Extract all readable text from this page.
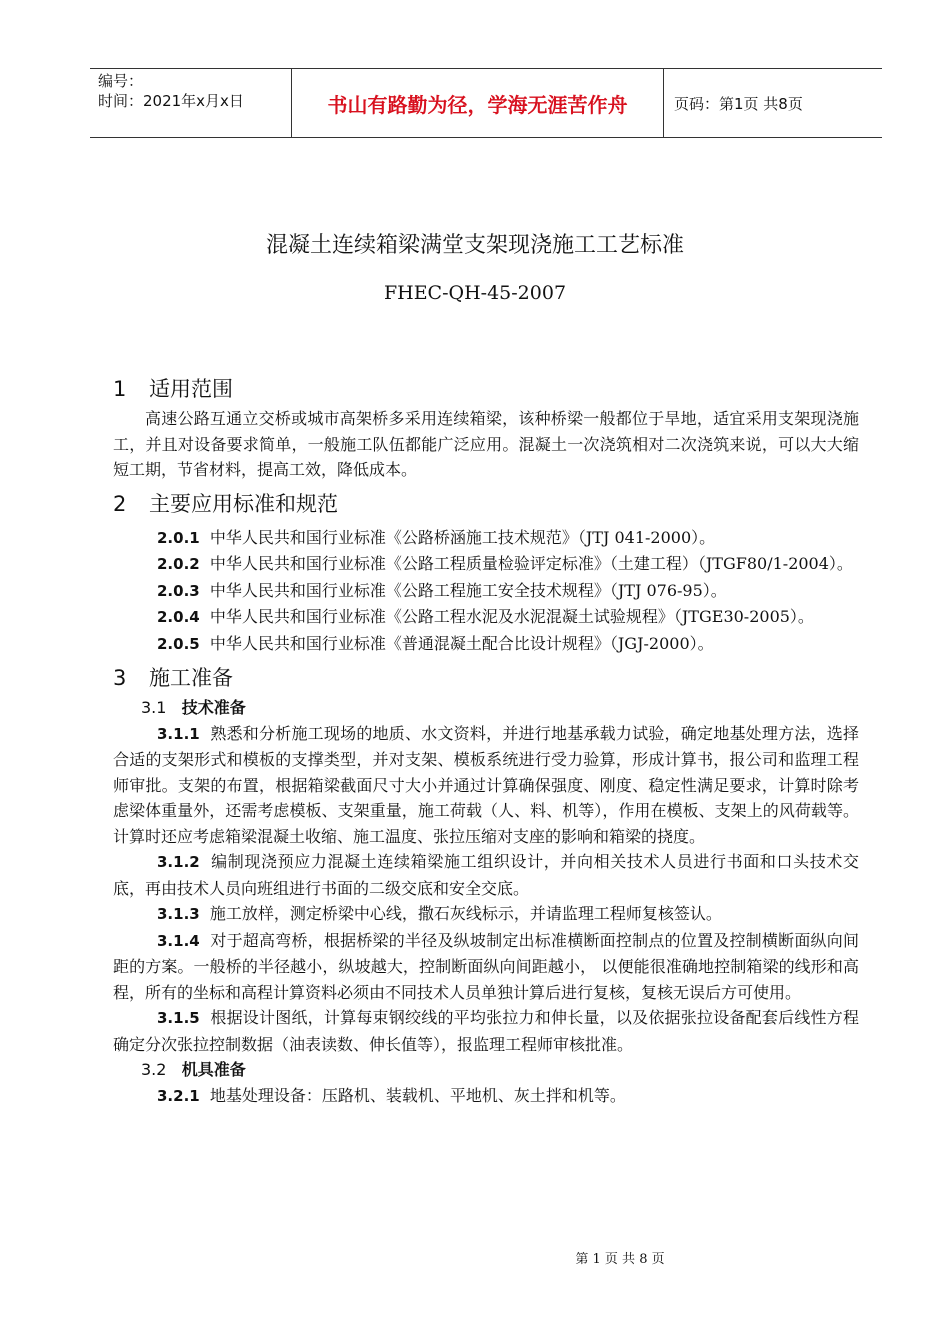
编号：
时间：2021年x月x日	书山有路勤为径，学海无涯苦作舟	页码：第1页 共8页
混凝土连续箱梁满堂支架现浇施工工艺标准
FHEC-QH-45-2007

1 适用范围

高速公路互通立交桥或城市高架桥多采用连续箱梁，该种桥梁一般都位于旱地，适宜采用支架现浇施工，并且对设备要求简单，一般施工队伍都能广泛应用。混凝土一次浇筑相对二次浇筑来说，可以大大缩短工期，节省材料，提高工效，降低成本。

2 主要应用标准和规范

2.0.1 中华人民共和国行业标准《公路桥涵施工技术规范》（JTJ 041-2000）。

2.0.2 中华人民共和国行业标准《公路工程质量检验评定标准》（土建工程）（JTGF80/1-2004）。

2.0.3 中华人民共和国行业标准《公路工程施工安全技术规程》（JTJ 076-95）。

2.0.4 中华人民共和国行业标准《公路工程水泥及水泥混凝土试验规程》（JTGE30-2005）。

2.0.5 中华人民共和国行业标准《普通混凝土配合比设计规程》（JGJ-2000）。

3 施工准备

3.1 技术准备

3.1.1 熟悉和分析施工现场的地质、水文资料，并进行地基承载力试验，确定地基处理方法，选择合适的支架形式和模板的支撑类型，并对支架、模板系统进行受力验算，形成计算书，报公司和监理工程师审批。支架的布置，根据箱梁截面尺寸大小并通过计算确保强度、刚度、稳定性满足要求，计算时除考虑梁体重量外，还需考虑模板、支架重量，施工荷载（人、料、机等），作用在模板、支架上的风荷载等。计算时还应考虑箱梁混凝土收缩、施工温度、张拉压缩对支座的影响和箱梁的挠度。

3.1.2 编制现浇预应力混凝土连续箱梁施工组织设计，并向相关技术人员进行书面和口头技术交底，再由技术人员向班组进行书面的二级交底和安全交底。

3.1.3 施工放样，测定桥梁中心线，撒石灰线标示，并请监理工程师复核签认。

3.1.4 对于超高弯桥，根据桥梁的半径及纵坡制定出标准横断面控制点的位置及控制横断面纵向间距的方案。一般桥的半径越小，纵坡越大，控制断面纵向间距越小， 以便能很准确地控制箱梁的线形和高程，所有的坐标和高程计算资料必须由不同技术人员单独计算后进行复核，复核无误后方可使用。

3.1.5 根据设计图纸，计算每束钢绞线的平均张拉力和伸长量，以及依据张拉设备配套后线性方程确定分次张拉控制数据（油表读数、伸长值等），报监理工程师审核批准。

3.2 机具准备

3.2.1 地基处理设备：压路机、装载机、平地机、灰土拌和机等。

第 1 页 共 8 页
